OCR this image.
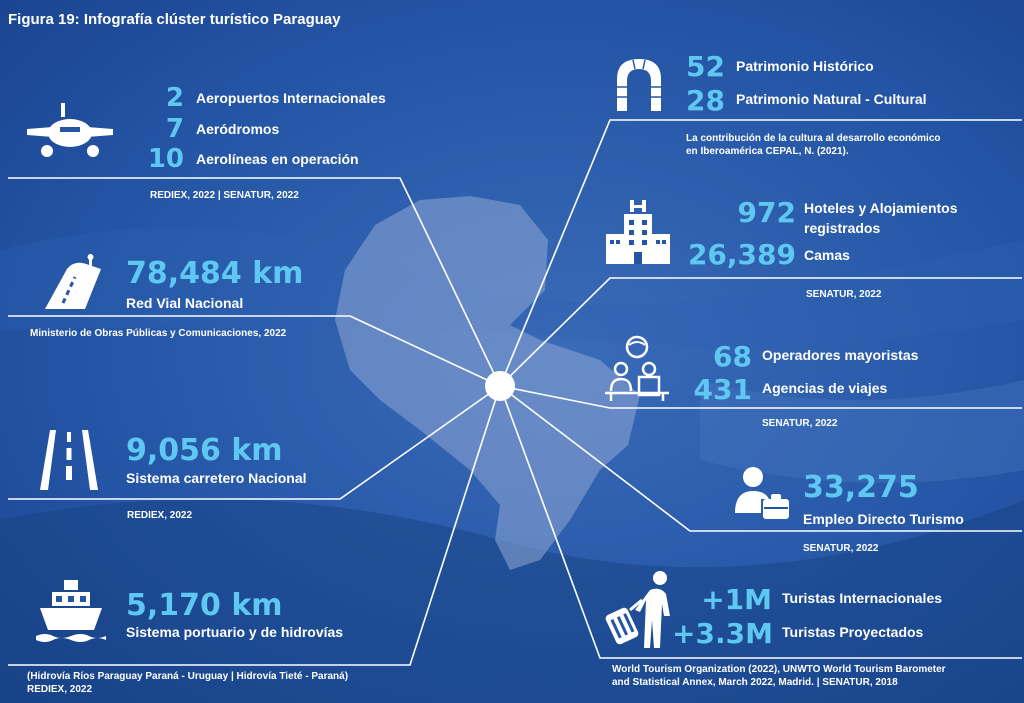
Figura 19: Infografía clúster turístico Paraguay
2 Aeropuertos Internacionales
7 Aeródromos
10 Aerolíneas en operación
REDIEX, 2022 | SENATUR, 2022
78,484 km
Red Vial Nacional
Ministerio de Obras Públicas y Comunicaciones, 2022
9,056 km
Sistema carretero Nacional
REDIEX, 2022
5,170 km
Sistema portuario y de hidrovías
(Hidrovía Ríos Paraguay Paraná - Uruguay | Hidrovía Tieté - Paraná)
REDIEX, 2022
52 Patrimonio Histórico
28 Patrimonio Natural - Cultural
La contribución de la cultura al desarrollo económico
en Iberoamérica CEPAL, N. (2021).
972 Hoteles y Alojamientos
registrados
26,389 Camas
SENATUR, 2022
68 Operadores mayoristas
431 Agencias de viajes
SENATUR, 2022
33,275
Empleo Directo Turismo
SENATUR, 2022
+1M Turistas Internacionales
+3.3M Turistas Proyectados
World Tourism Organization (2022), UNWTO World Tourism Barometer
and Statistical Annex, March 2022, Madrid. | SENATUR, 2018
